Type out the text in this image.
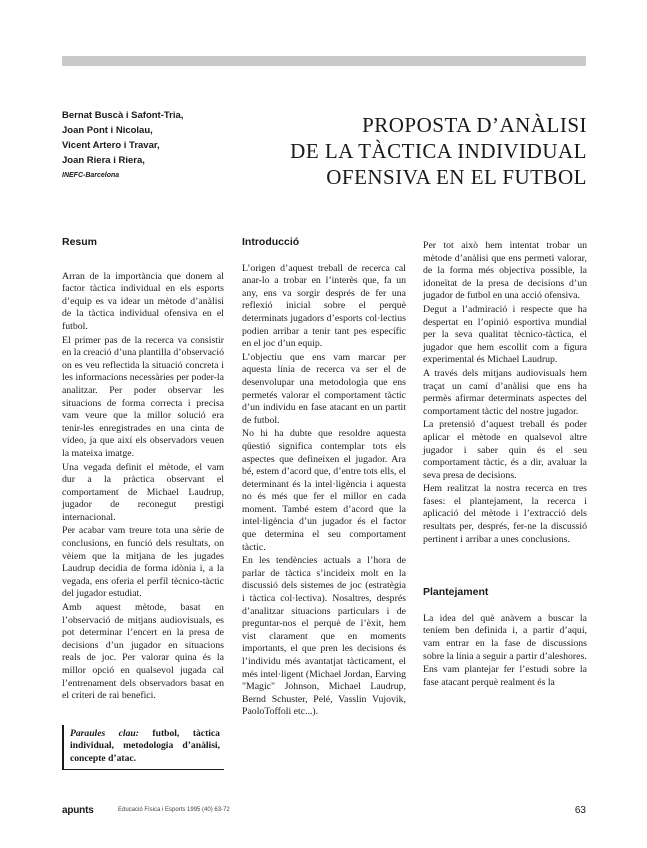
Bernat Buscà i Safont-Tria,
Joan Pont i Nicolau,
Vicent Artero i Travar,
Joan Riera i Riera,
INEFC-Barcelona
PROPOSTA D’ANÀLISI
DE LA TÀCTICA INDIVIDUAL
OFENSIVA EN EL FUTBOL
Resum

Arran de la importància que donem al factor tàctica individual en els esports d’equip es va idear un mètode d’anàlisi de la tàctica individual ofensiva en el futbol.

El primer pas de la recerca va consistir en la creació d’una plantilla d’observació on es veu reflectida la situació concreta i les informacions necessàries per poder-la analitzar. Per poder observar les situacions de forma correcta i precisa vam veure que la millor solució era tenir-les enregistrades en una cinta de vídeo, ja que així els observadors veuen la mateixa imatge.

Una vegada definit el mètode, el vam dur a la pràctica observant el comportament de Michael Laudrup, jugador de reconegut prestigi internacional.

Per acabar vam treure tota una sèrie de conclusions, en funció dels resultats, on vèiem que la mitjana de les jugades Laudrup decidia de forma idònia i, a la vegada, ens oferia el perfil tècnico-tàctic del jugador estudiat.

Amb aquest mètode, basat en l’observació de mitjans audiovisuals, es pot determinar l’encert en la presa de decisions d’un jugador en situacions reals de joc. Per valorar quina és la millor opció en qualsevol jugada cal l’entrenament dels observadors basat en el criteri de rai benefici.

Paraules clau: futbol, tàctica individual, metodologia d’anàlisi, concepte d’atac.
Introducció

L’origen d’aquest treball de recerca cal anar-lo a trobar en l’interès que, fa un any, ens va sorgir després de fer una reflexió inicial sobre el perquè determinats jugadors d’esports col·lectius podien arribar a tenir tant pes específic en el joc d’un equip.

L’objectiu que ens vam marcar per aquesta línia de recerca va ser el de desenvolupar una metodologia que ens permetés valorar el comportament tàctic d’un individu en fase atacant en un partit de futbol.

No hi ha dubte que resoldre aquesta qüestió significa contemplar tots els aspectes que defineixen el jugador. Ara bé, estem d’acord que, d’entre tots ells, el determinant és la intel·ligència i aquesta no és més que fer el millor en cada moment. També estem d’acord que la intel·ligència d’un jugador és el factor que determina el seu comportament tàctic.

En les tendències actuals a l’hora de parlar de tàctica s’incideix molt en la discussió dels sistemes de joc (estratègia i tàctica col·lectiva). Nosaltres, després d’analitzar situacions particulars i de preguntar-nos el perquè de l’èxit, hem vist clarament que en moments importants, el que pren les decisions és l’individu més avantatjat tàcticament, el més intel·ligent (Michael Jordan, Earving "Magic" Johnson, Michael Laudrup, Bernd Schuster, Pelé, Vasslin Vujovik, PaoloToffoli etc...).

Per tot això hem intentat trobar un mètode d’anàlisi que ens permeti valorar, de la forma més objectiva possible, la idoneïtat de la presa de decisions d’un jugador de futbol en una acció ofensiva.

Degut a l’admiració i respecte que ha despertat en l’opinió esportiva mundial per la seva qualitat tècnico-tàctica, el jugador que hem escollit com a figura experimental és Michael Laudrup.

A través dels mitjans audiovisuals hem traçat un camí d’anàlisi que ens ha permès afirmar determinats aspectes del comportament tàctic del nostre jugador.

La pretensió d’aquest treball és poder aplicar el mètode en qualsevol altre jugador i saber quin és el seu comportament tàctic, és a dir, avaluar la seva presa de decisions.

Hem realitzat la nostra recerca en tres fases: el plantejament, la recerca i aplicació del mètode i l’extracció dels resultats per, després, fer-ne la discussió pertinent i arribar a unes conclusions.

Plantejament

La idea del què anàvem a buscar la teníem ben definida i, a partir d’aquí, vam entrar en la fase de discussions sobre la línia a seguir a partir d’aleshores.

Ens vam plantejar fer l’estudi sobre la fase atacant perquè realment és la

apunts	Educació Física i Esports 1995 (40) 63-72	63
